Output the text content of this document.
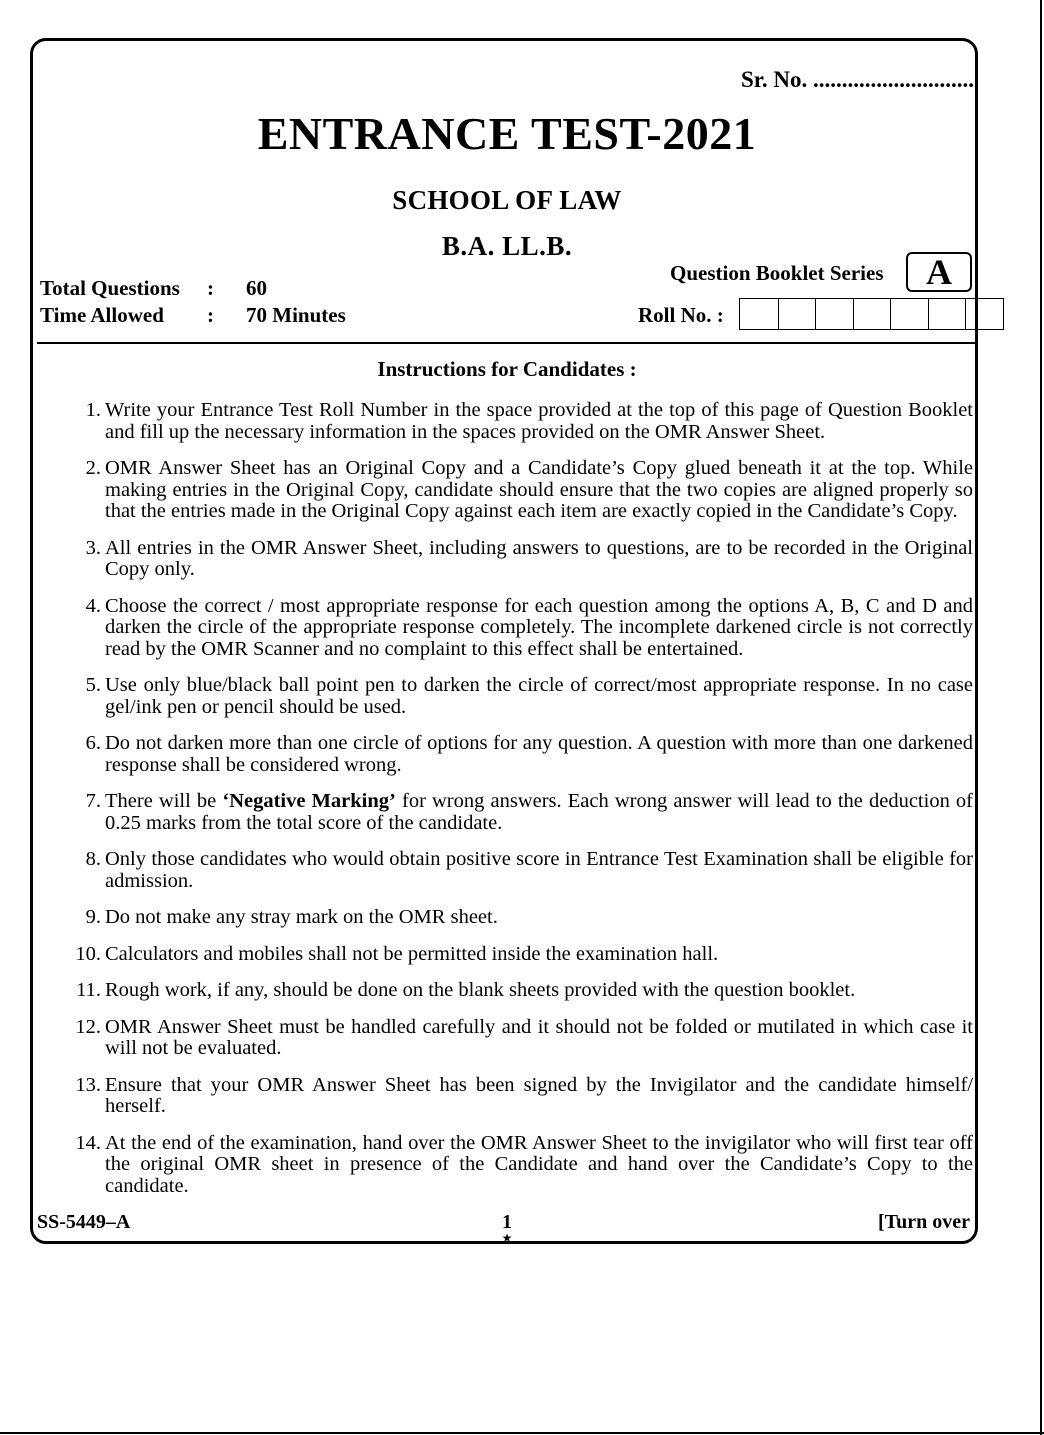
Sr. No. ............................
ENTRANCE TEST-2021
SCHOOL OF LAW
B.A. LL.B.
Question Booklet Series	A
Total Questions : 60
Time Allowed : 70 Minutes	Roll No. :
Instructions for Candidates :
1. Write your Entrance Test Roll Number in the space provided at the top of this page of Question Booklet and fill up the necessary information in the spaces provided on the OMR Answer Sheet.
2. OMR Answer Sheet has an Original Copy and a Candidate’s Copy glued beneath it at the top. While making entries in the Original Copy, candidate should ensure that the two copies are aligned properly so that the entries made in the Original Copy against each item are exactly copied in the Candidate’s Copy.
3. All entries in the OMR Answer Sheet, including answers to questions, are to be recorded in the Original Copy only.
4. Choose the correct / most appropriate response for each question among the options A, B, C and D and darken the circle of the appropriate response completely. The incomplete darkened circle is not correctly read by the OMR Scanner and no complaint to this effect shall be entertained.
5. Use only blue/black ball point pen to darken the circle of correct/most appropriate response. In no case gel/ink pen or pencil should be used.
6. Do not darken more than one circle of options for any question. A question with more than one darkened response shall be considered wrong.
7. There will be ‘Negative Marking’ for wrong answers. Each wrong answer will lead to the deduction of 0.25 marks from the total score of the candidate.
8. Only those candidates who would obtain positive score in Entrance Test Examination shall be eligible for admission.
9. Do not make any stray mark on the OMR sheet.
10. Calculators and mobiles shall not be permitted inside the examination hall.
11. Rough work, if any, should be done on the blank sheets provided with the question booklet.
12. OMR Answer Sheet must be handled carefully and it should not be folded or mutilated in which case it will not be evaluated.
13. Ensure that your OMR Answer Sheet has been signed by the Invigilator and the candidate himself/ herself.
14. At the end of the examination, hand over the OMR Answer Sheet to the invigilator who will first tear off the original OMR sheet in presence of the Candidate and hand over the Candidate’s Copy to the candidate.
SS-5449–A	1
★
[Turn over
